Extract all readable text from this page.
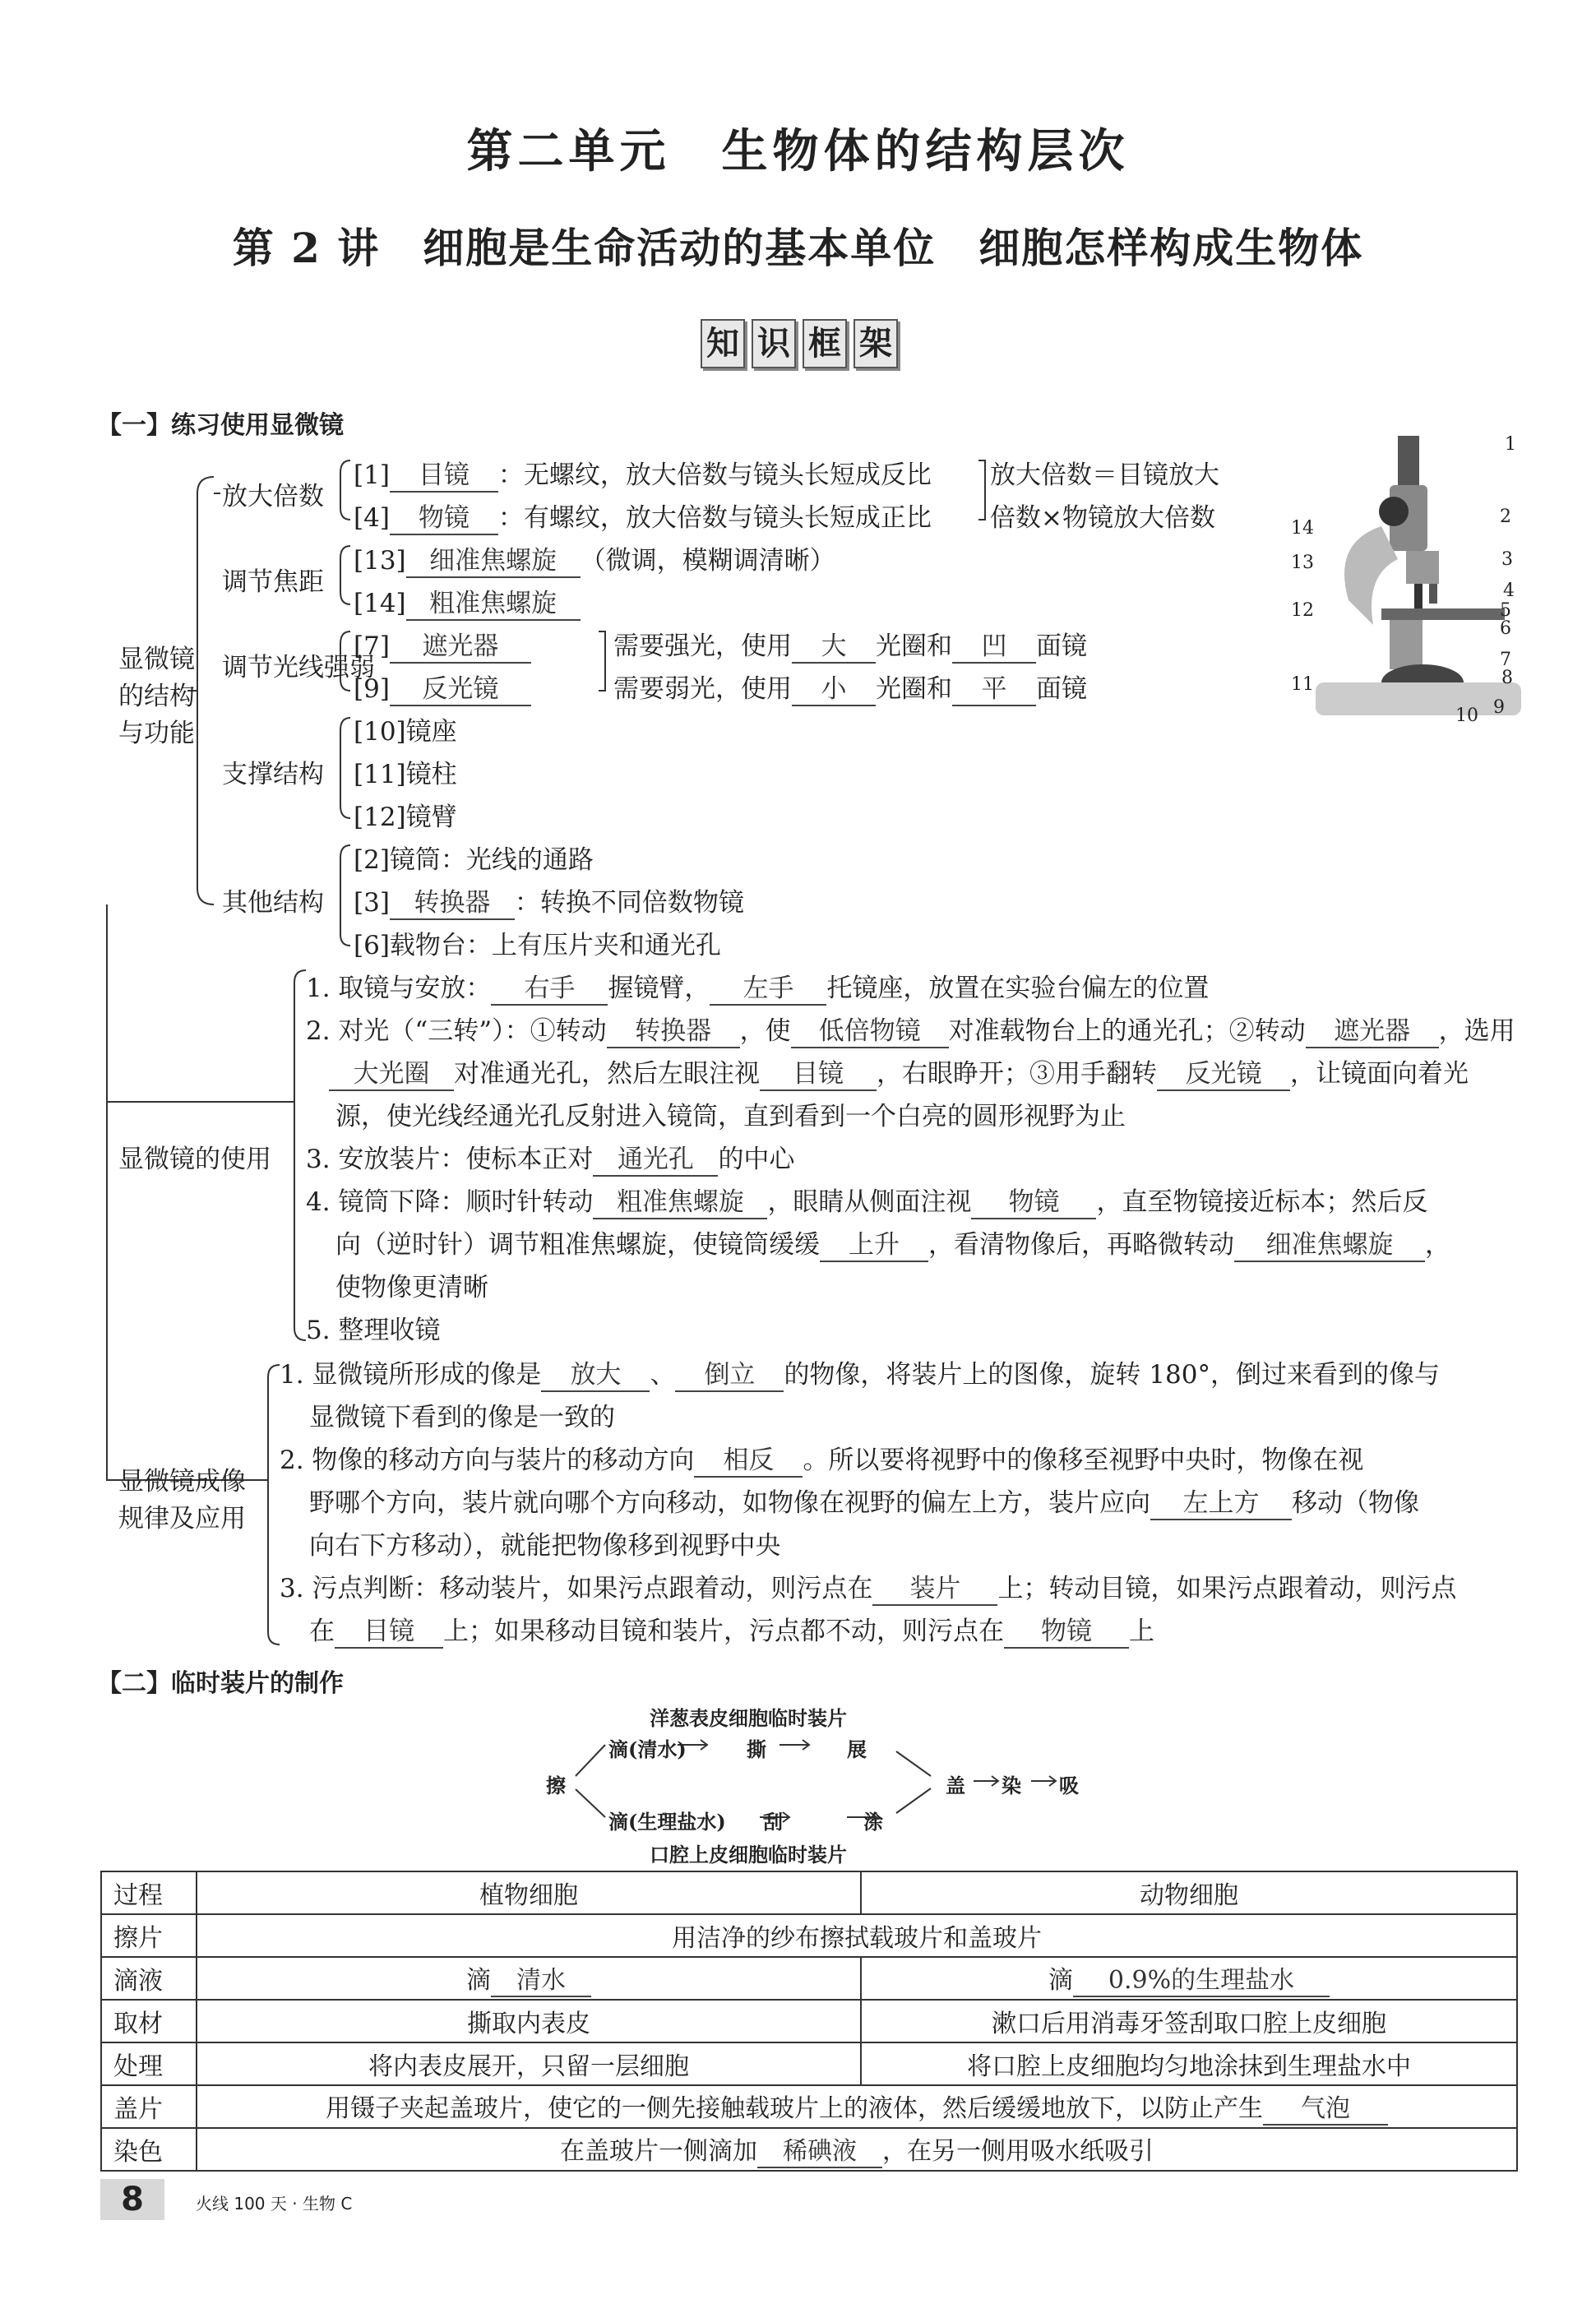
第二单元　生物体的结构层次
第 2 讲　细胞是生命活动的基本单位　细胞怎样构成生物体
知 识 框 架
【一】练习使用显微镜
显微镜
的结构
与功能
放大倍数
[1] 目镜 ：无螺纹，放大倍数与镜头长短成反比
[4] 物镜 ：有螺纹，放大倍数与镜头长短成正比
放大倍数＝目镜放大
倍数×物镜放大倍数
调节焦距
[13] 细准焦螺旋 （微调，模糊调清晰）
[14] 粗准焦螺旋
调节光线强弱
[7] 遮光器
[9] 反光镜
需要强光，使用 大 光圈和 凹 面镜
需要弱光，使用 小 光圈和 平 面镜
支撑结构
[10]镜座
[11]镜柱
[12]镜臂
其他结构
[2]镜筒：光线的通路
[3] 转换器 ：转换不同倍数物镜
[6]载物台：上有压片夹和通光孔
1
2
3
4
5
6
7
8
9
10
11
12
13
14
显微镜的使用
1. 取镜与安放： 右手 握镜臂， 左手 托镜座，放置在实验台偏左的位置
2. 对光（“三转”）：①转动 转换器 ，使 低倍物镜 对准载物台上的通光孔；②转动 遮光器 ，选用
大光圈 对准通光孔，然后左眼注视 目镜 ，右眼睁开；③用手翻转 反光镜 ，让镜面向着光
源，使光线经通光孔反射进入镜筒，直到看到一个白亮的圆形视野为止
3. 安放装片：使标本正对 通光孔 的中心
4. 镜筒下降：顺时针转动 粗准焦螺旋 ，眼睛从侧面注视 物镜 ，直至物镜接近标本；然后反
向（逆时针）调节粗准焦螺旋，使镜筒缓缓 上升 ，看清物像后，再略微转动 细准焦螺旋 ，
使物像更清晰
5. 整理收镜
显微镜成像
规律及应用
1. 显微镜所形成的像是 放大 、 倒立 的物像，将装片上的图像，旋转 180°，倒过来看到的像与
显微镜下看到的像是一致的
2. 物像的移动方向与装片的移动方向 相反 。所以要将视野中的像移至视野中央时，物像在视
野哪个方向，装片就向哪个方向移动，如物像在视野的偏左上方，装片应向 左上方 移动（物像
向右下方移动），就能把物像移到视野中央
3. 污点判断：移动装片，如果污点跟着动，则污点在 装片 上；转动目镜，如果污点跟着动，则污点
在 目镜 上；如果移动目镜和装片，污点都不动，则污点在 物镜 上
【二】临时装片的制作
洋葱表皮细胞临时装片
擦
滴(清水)	撕	展
滴(生理盐水) 刮	涂
盖 染 吸
口腔上皮细胞临时装片
过程	植物细胞	动物细胞
擦片	用洁净的纱布擦拭载玻片和盖玻片	
滴液	滴 清水	滴 0.9%的生理盐水
取材	撕取内表皮	漱口后用消毒牙签刮取口腔上皮细胞
处理	将内表皮展开，只留一层细胞	将口腔上皮细胞均匀地涂抹到生理盐水中
盖片	用镊子夹起盖玻片，使它的一侧先接触载玻片上的液体，然后缓缓地放下，以防止产生 气泡	
染色	在盖玻片一侧滴加 稀碘液 ，在另一侧用吸水纸吸引	
8	火线 100 天 · 生物 C
